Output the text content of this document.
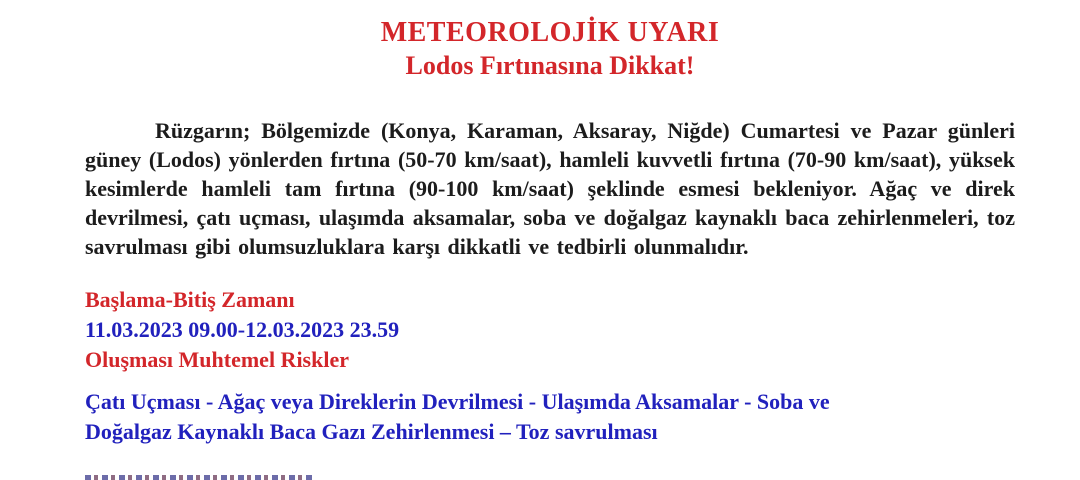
METEOROLOJİK UYARI
Lodos Fırtınasına Dikkat!

Rüzgarın; Bölgemizde (Konya, Karaman, Aksaray, Niğde) Cumartesi ve Pazar günleri güney (Lodos) yönlerden fırtına (50-70 km/saat), hamleli kuvvetli fırtına (70-90 km/saat), yüksek kesimlerde hamleli tam fırtına (90-100 km/saat) şeklinde esmesi bekleniyor. Ağaç ve direk devrilmesi, çatı uçması, ulaşımda aksamalar, soba ve doğalgaz kaynaklı baca zehirlenmeleri, toz savrulması gibi olumsuzluklara karşı dikkatli ve tedbirli olunmalıdır.

Başlama-Bitiş Zamanı
11.03.2023 09.00-12.03.2023 23.59
Oluşması Muhtemel Riskler
Çatı Uçması - Ağaç veya Direklerin Devrilmesi - Ulaşımda Aksamalar - Soba ve
Doğalgaz Kaynaklı Baca Gazı Zehirlenmesi – Toz savrulması
